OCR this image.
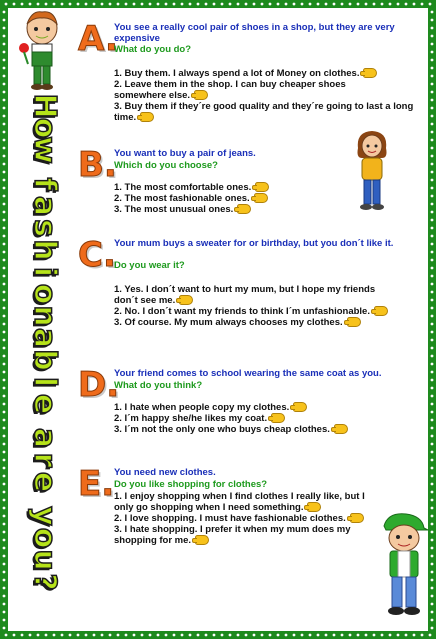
H
o
w
f
a
s
h
i
o
n
a
b
l
e
a
r
e
y
o
u
?
A.
You see a really cool pair of shoes in a shop, but they are very expensive
What do you do?
1. Buy them. I always spend a lot of Money on clothes.
2. Leave them in the shop. I can buy cheaper shoes somewhere else.
3. Buy them if they´re good quality and they´re going to last a long time.
B.
You want to buy a pair of jeans.
Which do you choose?
1. The most comfortable ones.
2. The most fashionable ones.
3. The most unusual ones.
C.
Your mum buys a sweater for or birthday, but you don´t like it.
Do you wear it?
1. Yes. I don´t want to hurt my mum, but I hope my friends don´t see me.
2. No. I don´t want my friends to think I´m unfashionable.
3. Of course. My mum always chooses my clothes.
D.
Your friend comes to school wearing the same coat as you.
What do you think?
1. I hate when people copy my clothes.
2. I´m happy she/he likes my coat.
3. I´m not the only one who buys cheap clothes.
E. You need new clothes.
Do you like shopping for clothes?
1. I enjoy shopping when I find clothes I really like, but I only go shopping when I need something.
2. I love shopping. I must have fashionable clothes.
3. I hate shopping. I prefer it when my mum does my shopping for me.
